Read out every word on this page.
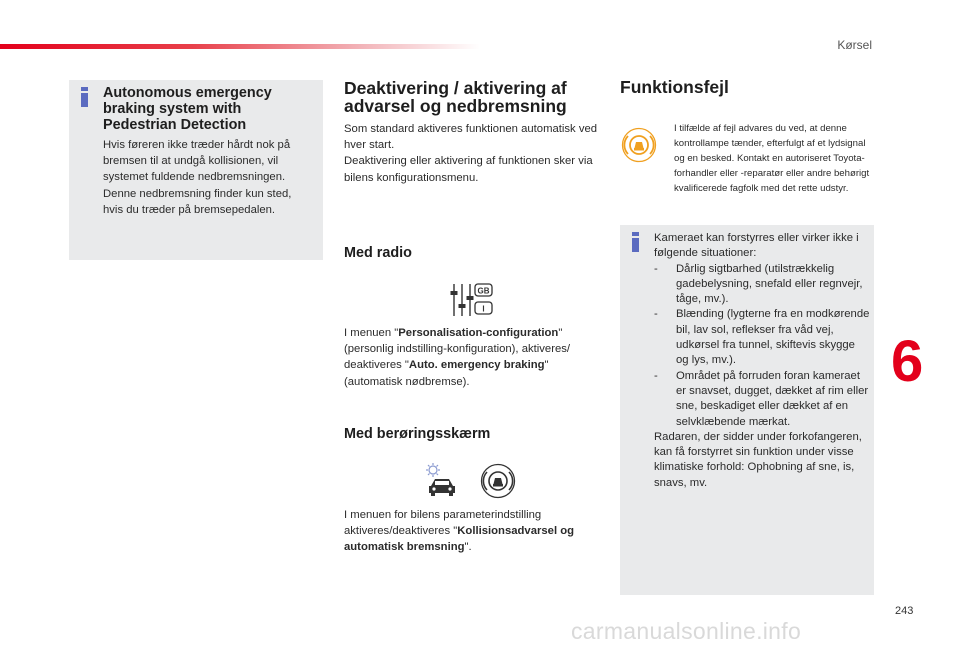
Kørsel
Autonomous emergency braking system with Pedestrian Detection

Hvis føreren ikke træder hårdt nok på bremsen til at undgå kollisionen, vil systemet fuldende nedbremsningen. Denne nedbremsning finder kun sted, hvis du træder på bremsepedalen.

Deaktivering / aktivering af advarsel og nedbremsning

Som standard aktiveres funktionen automatisk ved hver start.

Deaktivering eller aktivering af funktionen sker via bilens konfigurationsmenu.

Med radio
GB
I

I menuen "Personalisation-configuration" (personlig indstilling-konfiguration), aktiveres/ deaktiveres "Auto. emergency braking" (automatisk nødbremse).

Med berøringsskærm

I menuen for bilens parameterindstilling aktiveres/deaktiveres "Kollisionsadvarsel og automatisk bremsning".

Funktionsfejl

I tilfælde af fejl advares du ved, at denne kontrollampe tænder, efterfulgt af et lydsignal og en besked. Kontakt en autoriseret Toyota-forhandler eller -reparatør eller andre behørigt kvalificerede fagfolk med det rette udstyr.

Kameraet kan forstyrres eller virker ikke i følgende situationer:

- Dårlig sigtbarhed (utilstrækkelig gadebelysning, snefald eller regnvejr, tåge, mv.).
- Blænding (lygterne fra en modkørende bil, lav sol, reflekser fra våd vej, udkørsel fra tunnel, skiftevis skygge og lys, mv.).
- Området på forruden foran kameraet er snavset, dugget, dækket af rim eller sne, beskadiget eller dækket af en selvklæbende mærkat.

Radaren, der sidder under forkofangeren, kan få forstyrret sin funktion under visse klimatiske forhold: Ophobning af sne, is, snavs, mv.

6
243
carmanualsonline.info
